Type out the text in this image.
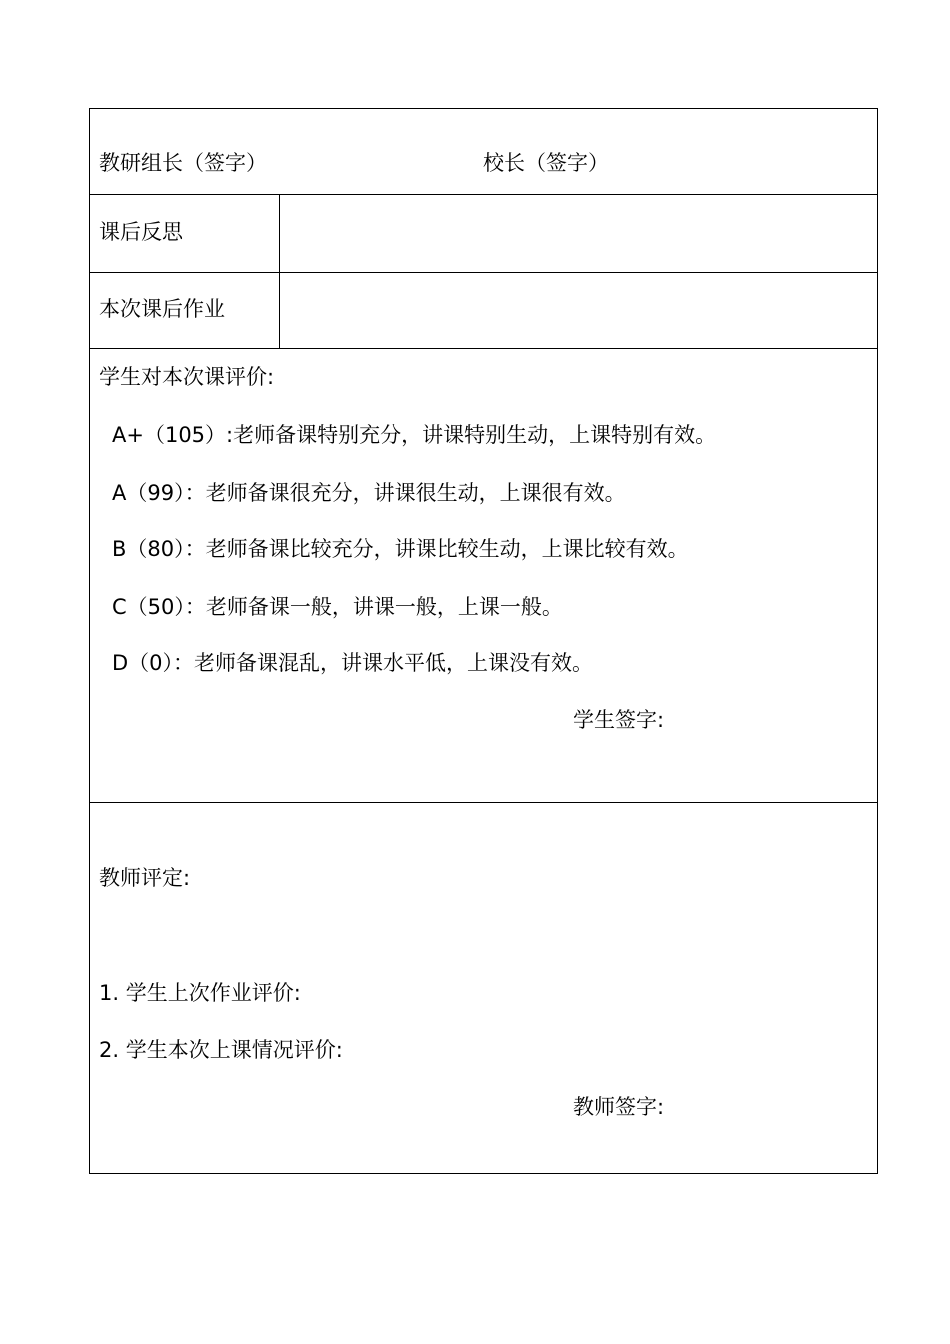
教研组长（签字）	校长（签字）
课后反思
本次课后作业
学生对本次课评价:
A+（105）:老师备课特别充分，讲课特别生动，上课特别有效。
A（99）：老师备课很充分，讲课很生动，上课很有效。
B（80）：老师备课比较充分，讲课比较生动，上课比较有效。
C（50）：老师备课一般，讲课一般，上课一般。
D（0）：老师备课混乱，讲课水平低，上课没有效。
学生签字:
教师评定:
1. 学生上次作业评价:
2. 学生本次上课情况评价:
教师签字:
